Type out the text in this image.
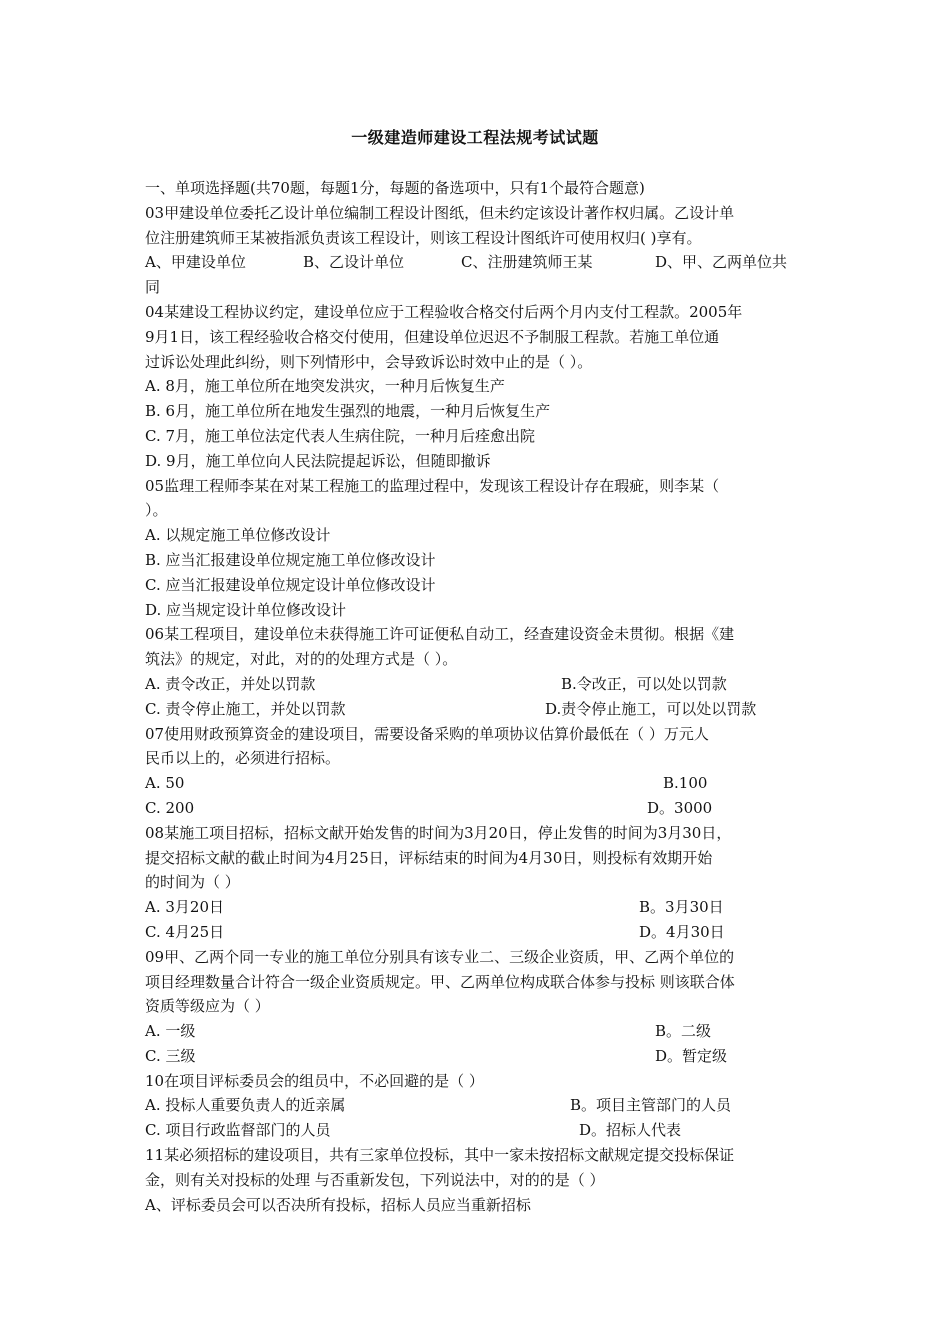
一级建造师建设工程法规考试试题
一、单项选择题(共70题，每题1分，每题的备选项中，只有1个最符合题意)
03甲建设单位委托乙设计单位编制工程设计图纸，但未约定该设计著作权归属。乙设计单
位注册建筑师王某被指派负责该工程设计，则该工程设计图纸许可使用权归( )享有。
A、甲建设单位	B、乙设计单位	C、注册建筑师王某	D、甲、乙两单位共
同
04某建设工程协议约定，建设单位应于工程验收合格交付后两个月内支付工程款。2005年
9月1日，该工程经验收合格交付使用，但建设单位迟迟不予制服工程款。若施工单位通
过诉讼处理此纠纷，则下列情形中，会导致诉讼时效中止的是（ ）。
A. 8月，施工单位所在地突发洪灾，一种月后恢复生产
B. 6月，施工单位所在地发生强烈的地震，一种月后恢复生产
C. 7月，施工单位法定代表人生病住院，一种月后痊愈出院
D. 9月，施工单位向人民法院提起诉讼，但随即撤诉
05监理工程师李某在对某工程施工的监理过程中，发现该工程设计存在瑕疵，则李某（
）。
A. 以规定施工单位修改设计
B. 应当汇报建设单位规定施工单位修改设计
C. 应当汇报建设单位规定设计单位修改设计
D. 应当规定设计单位修改设计
06某工程项目，建设单位未获得施工许可证便私自动工，经查建设资金未贯彻。根据《建
筑法》的规定，对此，对的的处理方式是（ ）。
A. 责令改正，并处以罚款	B.令改正，可以处以罚款
C. 责令停止施工，并处以罚款	D.责令停止施工，可以处以罚款
07使用财政预算资金的建设项目，需要设备采购的单项协议估算价最低在（ ）万元人
民币以上的，必须进行招标。
A. 50	B.100
C. 200	D。3000
08某施工项目招标，招标文献开始发售的时间为3月20日，停止发售的时间为3月30日，
提交招标文献的截止时间为4月25日，评标结束的时间为4月30日，则投标有效期开始
的时间为（ ）
A. 3月20日	B。3月30日
C. 4月25日	D。4月30日
09甲、乙两个同一专业的施工单位分别具有该专业二、三级企业资质，甲、乙两个单位的
项目经理数量合计符合一级企业资质规定。甲、乙两单位构成联合体参与投标 则该联合体
资质等级应为（ ）
A. 一级	B。二级
C. 三级	D。暂定级
10在项目评标委员会的组员中，不必回避的是（ ）
A. 投标人重要负责人的近亲属	B。项目主管部门的人员
C. 项目行政监督部门的人员	D。招标人代表
11某必须招标的建设项目，共有三家单位投标，其中一家未按招标文献规定提交投标保证
金，则有关对投标的处理 与否重新发包，下列说法中，对的的是（ ）
A、评标委员会可以否决所有投标，招标人员应当重新招标
